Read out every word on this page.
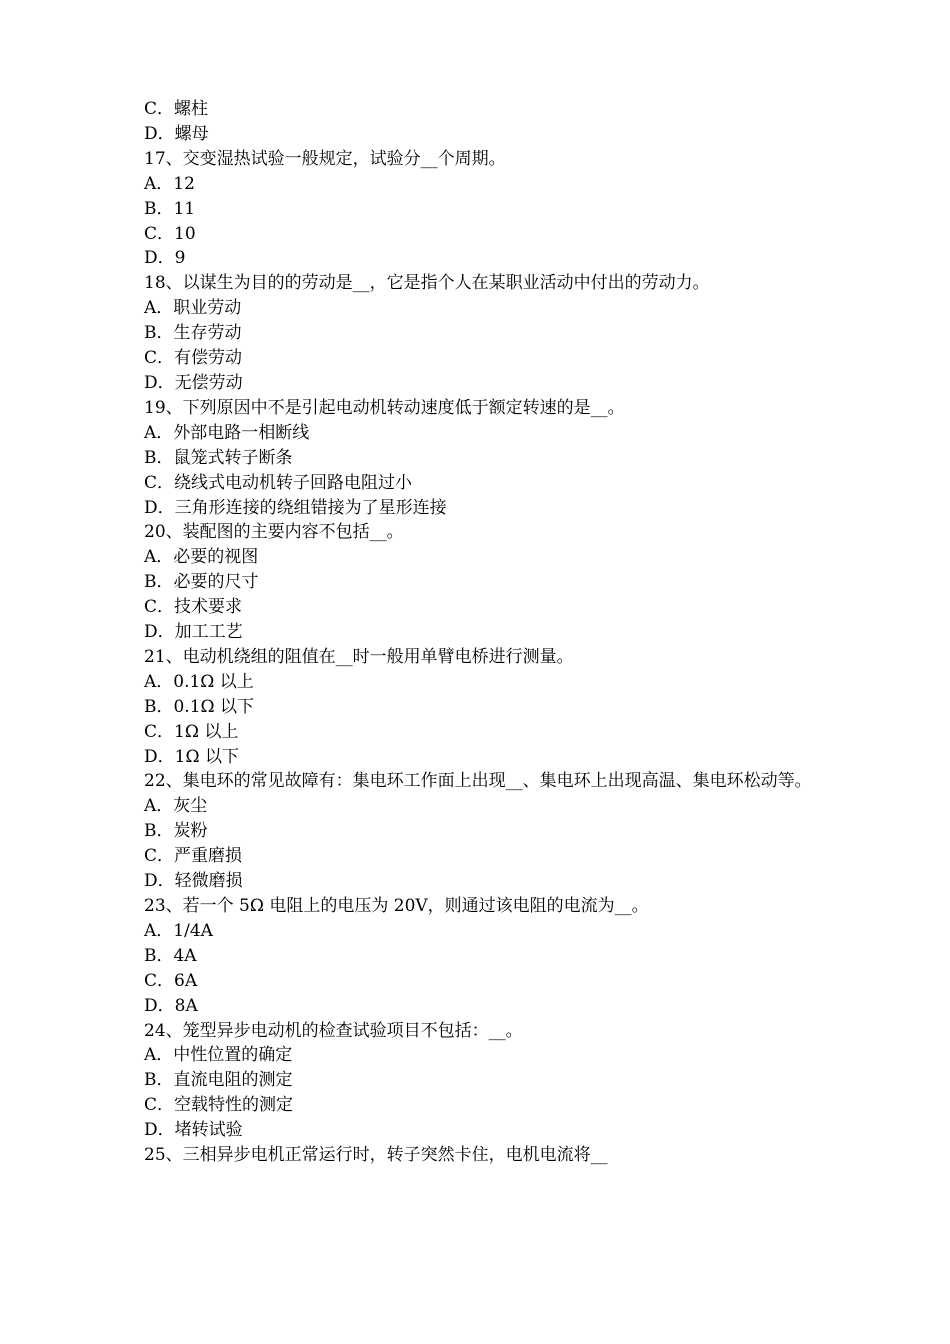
C．螺柱
D．螺母
17、交变湿热试验一般规定，试验分__个周期。
A．12
B．11
C．10
D．9
18、以谋生为目的的劳动是__，它是指个人在某职业活动中付出的劳动力。
A．职业劳动
B．生存劳动
C．有偿劳动
D．无偿劳动
19、下列原因中不是引起电动机转动速度低于额定转速的是__。
A．外部电路一相断线
B．鼠笼式转子断条
C．绕线式电动机转子回路电阻过小
D．三角形连接的绕组错接为了星形连接
20、装配图的主要内容不包括__。
A．必要的视图
B．必要的尺寸
C．技术要求
D．加工工艺
21、电动机绕组的阻值在__时一般用单臂电桥进行测量。
A．0.1Ω 以上
B．0.1Ω 以下
C．1Ω 以上
D．1Ω 以下
22、集电环的常见故障有：集电环工作面上出现__、集电环上出现高温、集电环松动等。
A．灰尘
B．炭粉
C．严重磨损
D．轻微磨损
23、若一个 5Ω 电阻上的电压为 20V，则通过该电阻的电流为__。
A．1/4A
B．4A
C．6A
D．8A
24、笼型异步电动机的检查试验项目不包括：__。
A．中性位置的确定
B．直流电阻的测定
C．空载特性的测定
D．堵转试验
25、三相异步电机正常运行时，转子突然卡住，电机电流将__
